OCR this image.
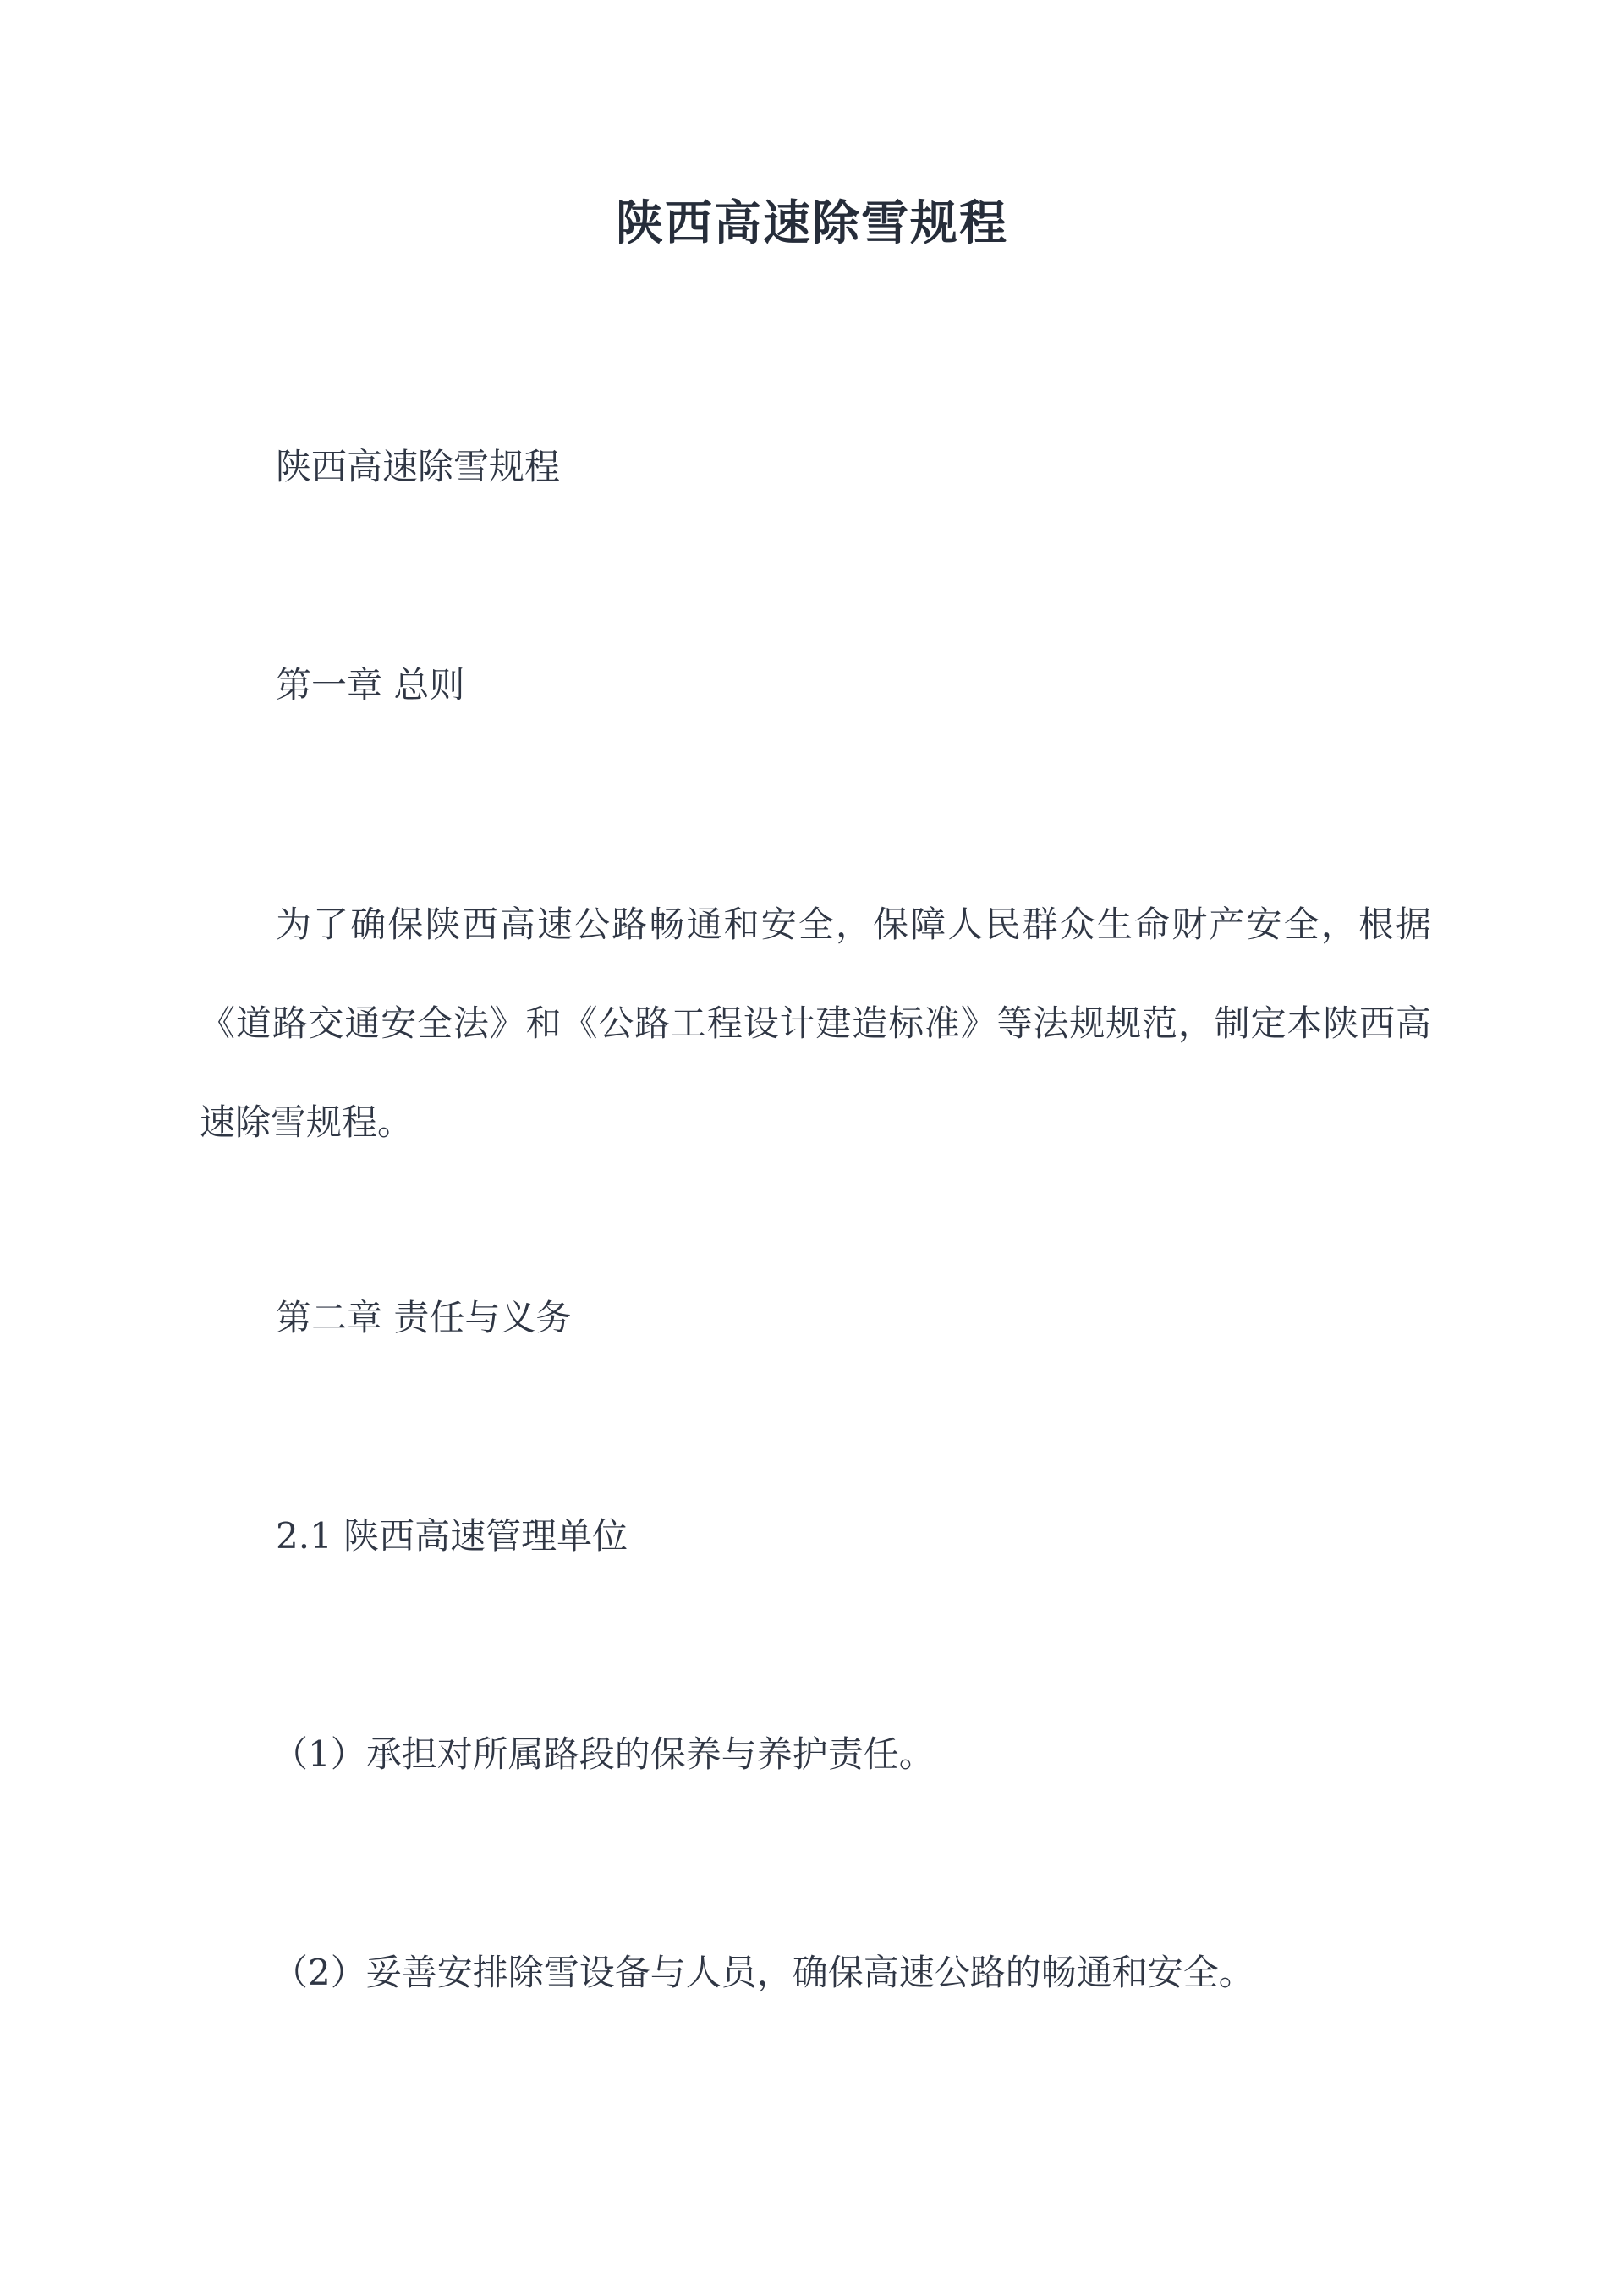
陕西高速除雪规程

陕西高速除雪规程

第一章 总则

为了确保陕西高速公路畅通和安全，保障人民群众生命财产安全，根据《道路交通安全法》和《公路工程设计建造标准》等法规规范，制定本陕西高速除雪规程。

第二章 责任与义务

2.1 陕西高速管理单位

（1）承担对所属路段的保养与养护责任。

（2）妥善安排除雪设备与人员，确保高速公路的畅通和安全。
